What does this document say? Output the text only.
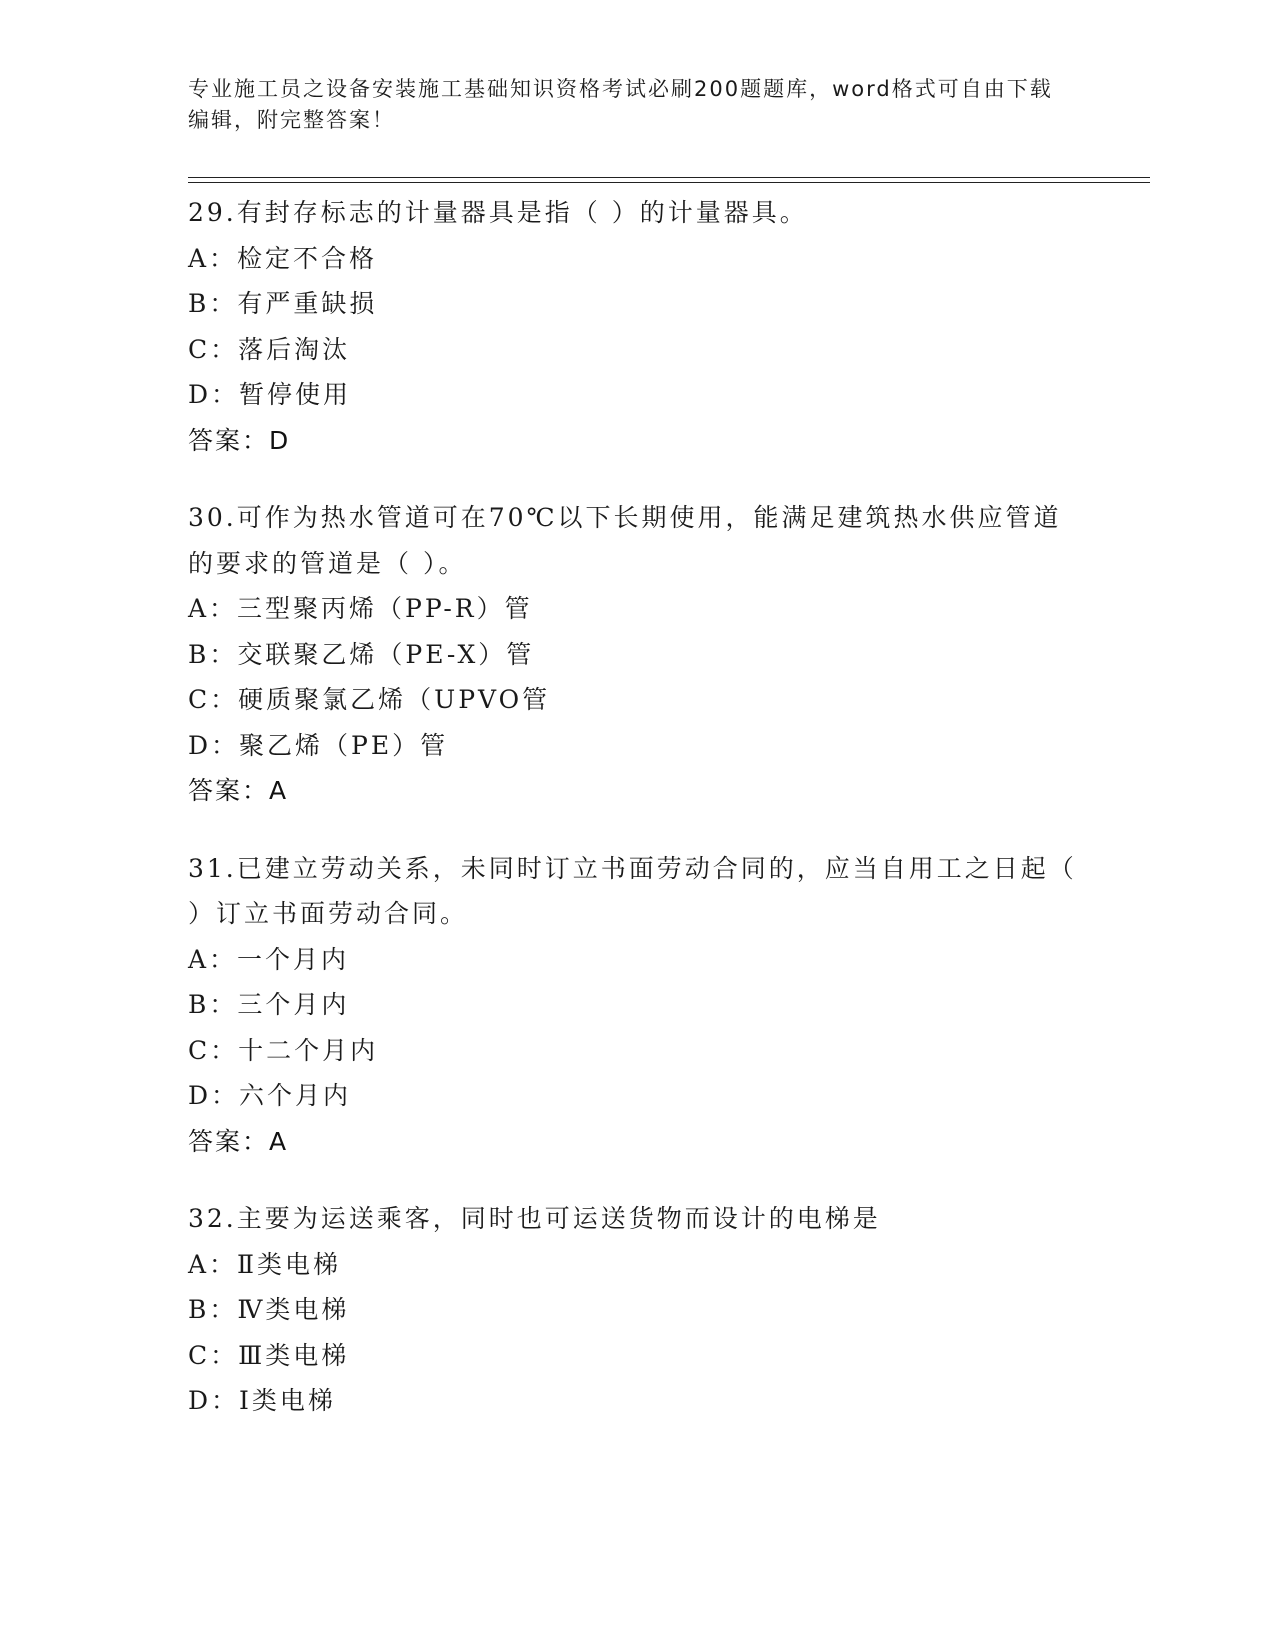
专业施工员之设备安装施工基础知识资格考试必刷200题题库，word格式可自由下载编辑，附完整答案！
29.有封存标志的计量器具是指（ ）的计量器具。
A：检定不合格
B：有严重缺损
C：落后淘汰
D：暂停使用
答案：D
30.可作为热水管道可在70℃以下长期使用，能满足建筑热水供应管道的要求的管道是（ ）。
A：三型聚丙烯（PP-R）管
B：交联聚乙烯（PE-X）管
C：硬质聚氯乙烯（UPVO管
D：聚乙烯（PE）管
答案：A
31.已建立劳动关系，未同时订立书面劳动合同的，应当自用工之日起（ ）订立书面劳动合同。
A：一个月内
B：三个月内
C：十二个月内
D：六个月内
答案：A
32.主要为运送乘客，同时也可运送货物而设计的电梯是
A：Ⅱ类电梯
B：Ⅳ类电梯
C：Ⅲ类电梯
D：Ⅰ类电梯
